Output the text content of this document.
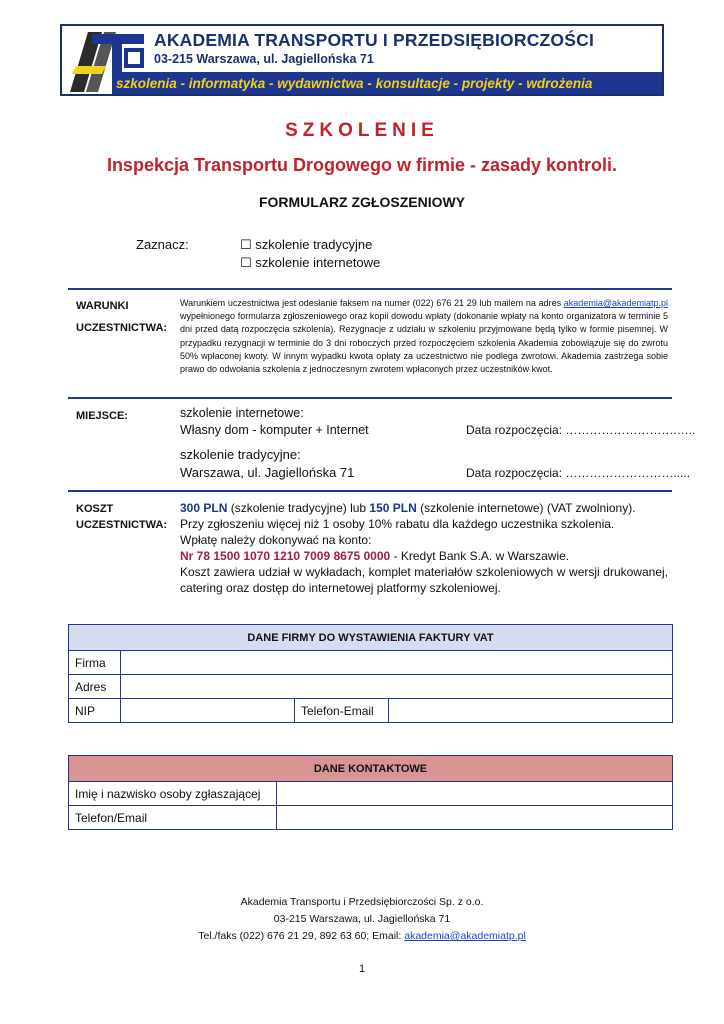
AKADEMIA TRANSPORTU I PRZEDSIĘBIORCZOŚCI
03-215 Warszawa, ul. Jagiellońska 71
szkolenia - informatyka - wydawnictwa - konsultacje - projekty - wdrożenia
SZKOLENIE
Inspekcja Transportu Drogowego w firmie - zasady kontroli.
FORMULARZ ZGŁOSZENIOWY
Zaznacz:	☐ szkolenie tradycyjne
☐ szkolenie internetowe
WARUNKI
UCZESTNICTWA:
Warunkiem uczestnictwa jest odesłanie faksem na numer (022) 676 21 29 lub mailem na adres akademia@akademiatp.pl wypełnionego formularza zgłoszeniowego oraz kopii dowodu wpłaty (dokonanie wpłaty na konto organizatora w terminie 5 dni przed datą rozpoczęcia szkolenia). Rezygnacje z udziału w szkoleniu przyjmowane będą tylko w formie pisemnej. W przypadku rezygnacji w terminie do 3 dni roboczych przed rozpoczęciem szkolenia Akademia zobowiązuje się do zwrotu 50% wpłaconej kwoty. W innym wypadku kwota opłaty za uczestnictwo nie podlega zwrotowi. Akademia zastrzega sobie prawo do odwołania szkolenia z jednoczesnym zwrotem wpłaconych przez uczestników kwot.
MIEJSCE:	szkolenie internetowe:
Własny dom - komputer + Internet	Data rozpoczęcia: ……………………….…..
szkolenie tradycyjne:
Warszawa, ul. Jagiellońska 71	Data rozpoczęcia: ……………………….....
KOSZT
UCZESTNICTWA:
300 PLN (szkolenie tradycyjne) lub 150 PLN (szkolenie internetowe) (VAT zwolniony).
Przy zgłoszeniu więcej niż 1 osoby 10% rabatu dla każdego uczestnika szkolenia.
Wpłatę należy dokonywać na konto:
Nr 78 1500 1070 1210 7009 8675 0000 - Kredyt Bank S.A. w Warszawie.
Koszt zawiera udział w wykładach, komplet materiałów szkoleniowych w wersji drukowanej, catering oraz dostęp do internetowej platformy szkoleniowej.
DANE FIRMY DO WYSTAWIENIA FAKTURY VAT			
Firma			
Adres			
NIP		Telefon-Email	
DANE KONTAKTOWE	
Imię i nazwisko osoby zgłaszającej	
Telefon/Email	
Akademia Transportu i Przedsiębiorczości Sp. z o.o.
03-215 Warszawa, ul. Jagiellońska 71
Tel./faks (022) 676 21 29, 892 63 60; Email: akademia@akademiatp.pl
1
